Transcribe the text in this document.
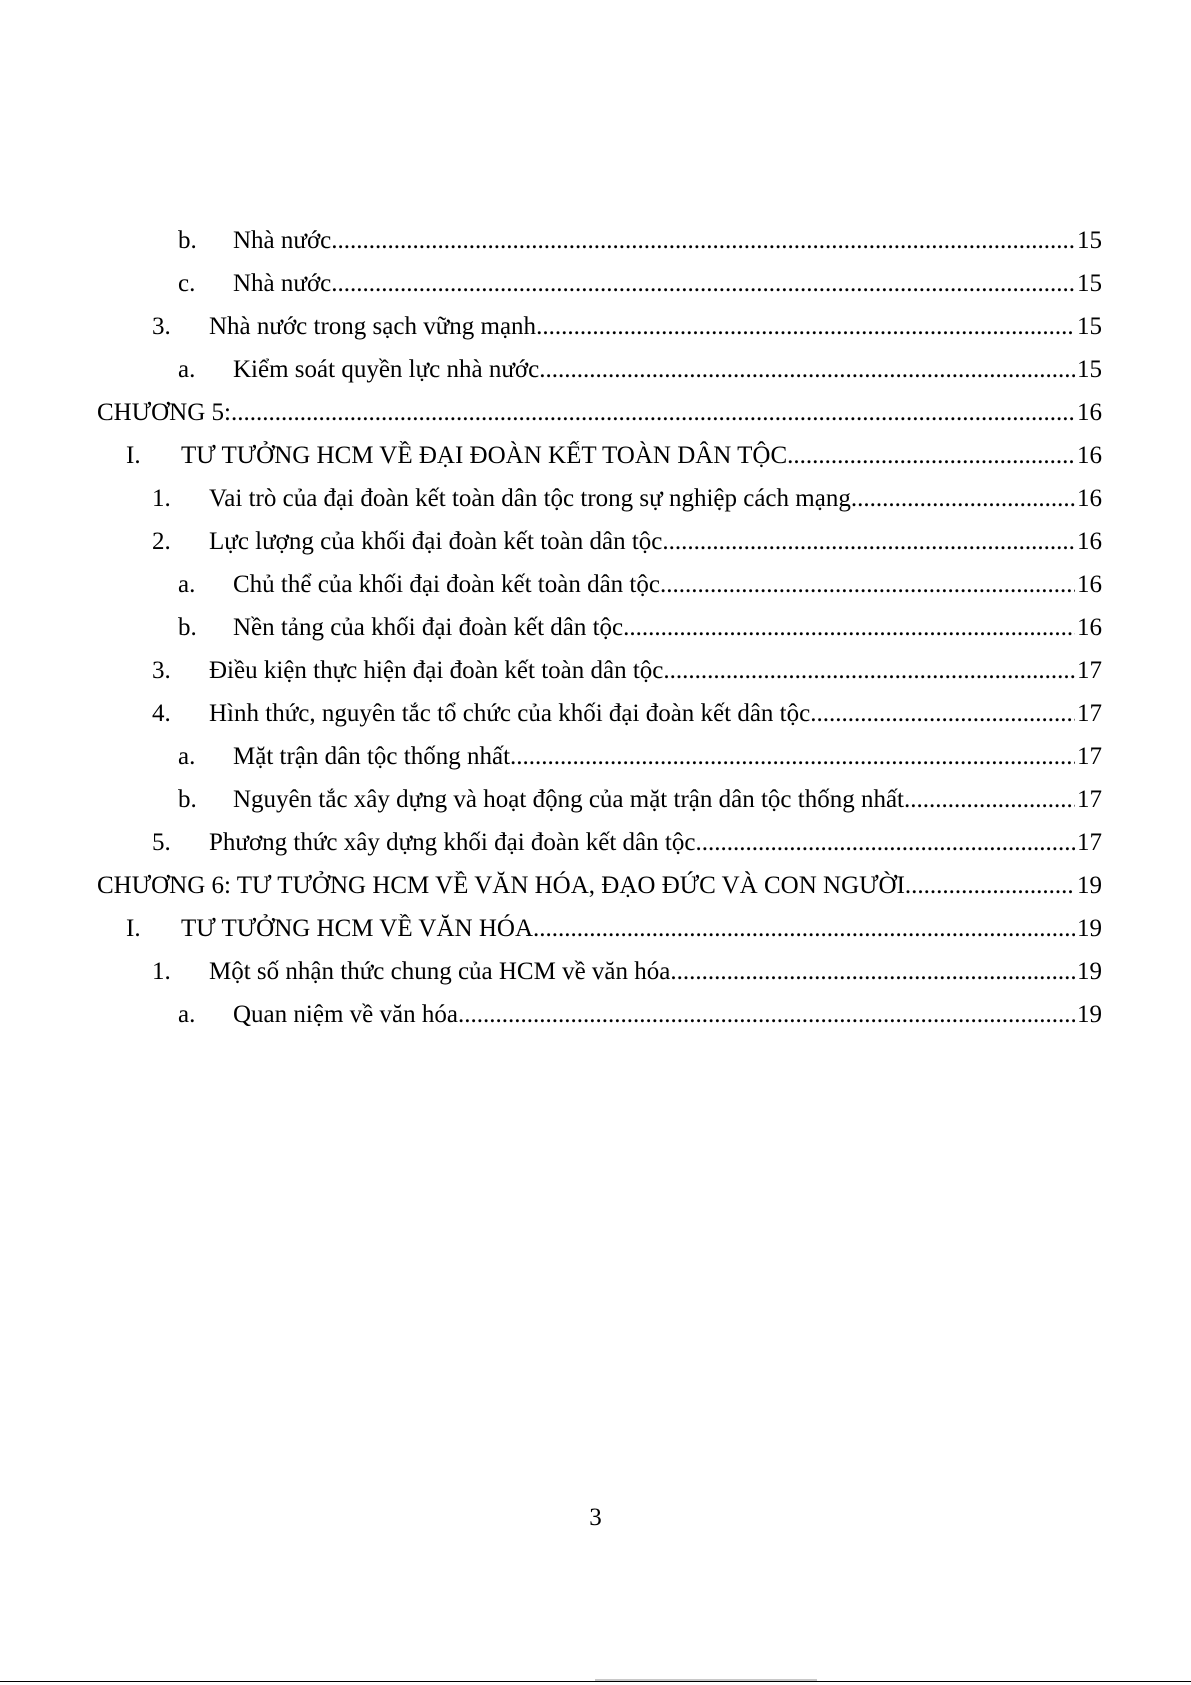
b.	Nhà nước .....	15
c.	Nhà nước .....	15
3.	Nhà nước trong sạch vững mạnh .....	15
a.	Kiểm soát quyền lực nhà nước .....	15
CHƯƠNG 5: .....	16
I.	TƯ TƯỞNG HCM VỀ ĐẠI ĐOÀN KẾT TOÀN DÂN TỘC .....	16
1.	Vai trò của đại đoàn kết toàn dân tộc trong sự nghiệp cách mạng .....	16
2.	Lực lượng của khối đại đoàn kết toàn dân tộc .....	16
a.	Chủ thể của khối đại đoàn kết toàn dân tộc .....	16
b.	Nền tảng của khối đại đoàn kết dân tộc .....	16
3.	Điều kiện thực hiện đại đoàn kết toàn dân tộc .....	17
4.	Hình thức, nguyên tắc tổ chức của khối đại đoàn kết dân tộc .....	17
a.	Mặt trận dân tộc thống nhất .....	17
b.	Nguyên tắc xây dựng và hoạt động của mặt trận dân tộc thống nhất .....	17
5.	Phương thức xây dựng khối đại đoàn kết dân tộc .....	17
CHƯƠNG 6: TƯ TƯỞNG HCM VỀ VĂN HÓA, ĐẠO ĐỨC VÀ CON NGƯỜI .....	19
I.	TƯ TƯỞNG HCM VỀ VĂN HÓA .....	19
1.	Một số nhận thức chung của HCM về văn hóa .....	19
a.	Quan niệm về văn hóa .....	19
3
